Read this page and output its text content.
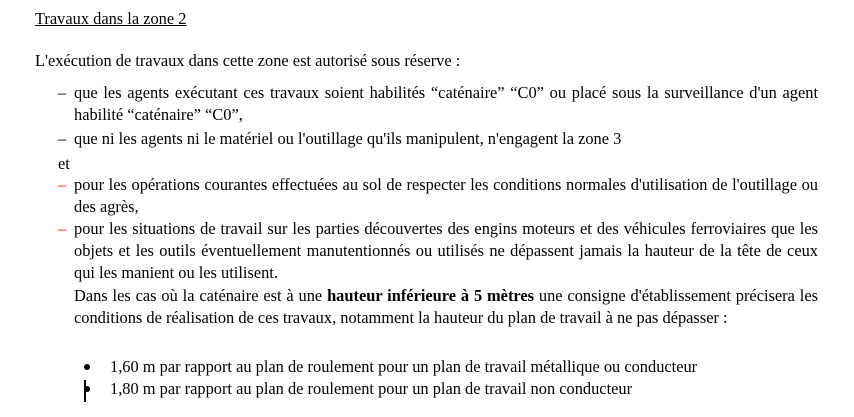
Travaux dans la zone 2
L'exécution de travaux dans cette zone est autorisé sous réserve :
– que les agents exécutant ces travaux soient habilités “caténaire” “C0” ou placé sous la surveillance d'un agent habilité “caténaire” “C0”,
– que ni les agents ni le matériel ou l'outillage qu'ils manipulent, n'engagent la zone 3
et
– pour les opérations courantes effectuées au sol de respecter les conditions normales d'utilisation de l'outillage ou des agrès,
– pour les situations de travail sur les parties découvertes des engins moteurs et des véhicules ferroviaires que les objets et les outils éventuellement manutentionnés ou utilisés ne dépassent jamais la hauteur de la tête de ceux qui les manient ou les utilisent.
Dans les cas où la caténaire est à une hauteur inférieure à 5 mètres une consigne d'établissement précisera les conditions de réalisation de ces travaux, notamment la hauteur du plan de travail à ne pas dépasser :
1,60 m par rapport au plan de roulement pour un plan de travail métallique ou conducteur
1,80 m par rapport au plan de roulement pour un plan de travail non conducteur
